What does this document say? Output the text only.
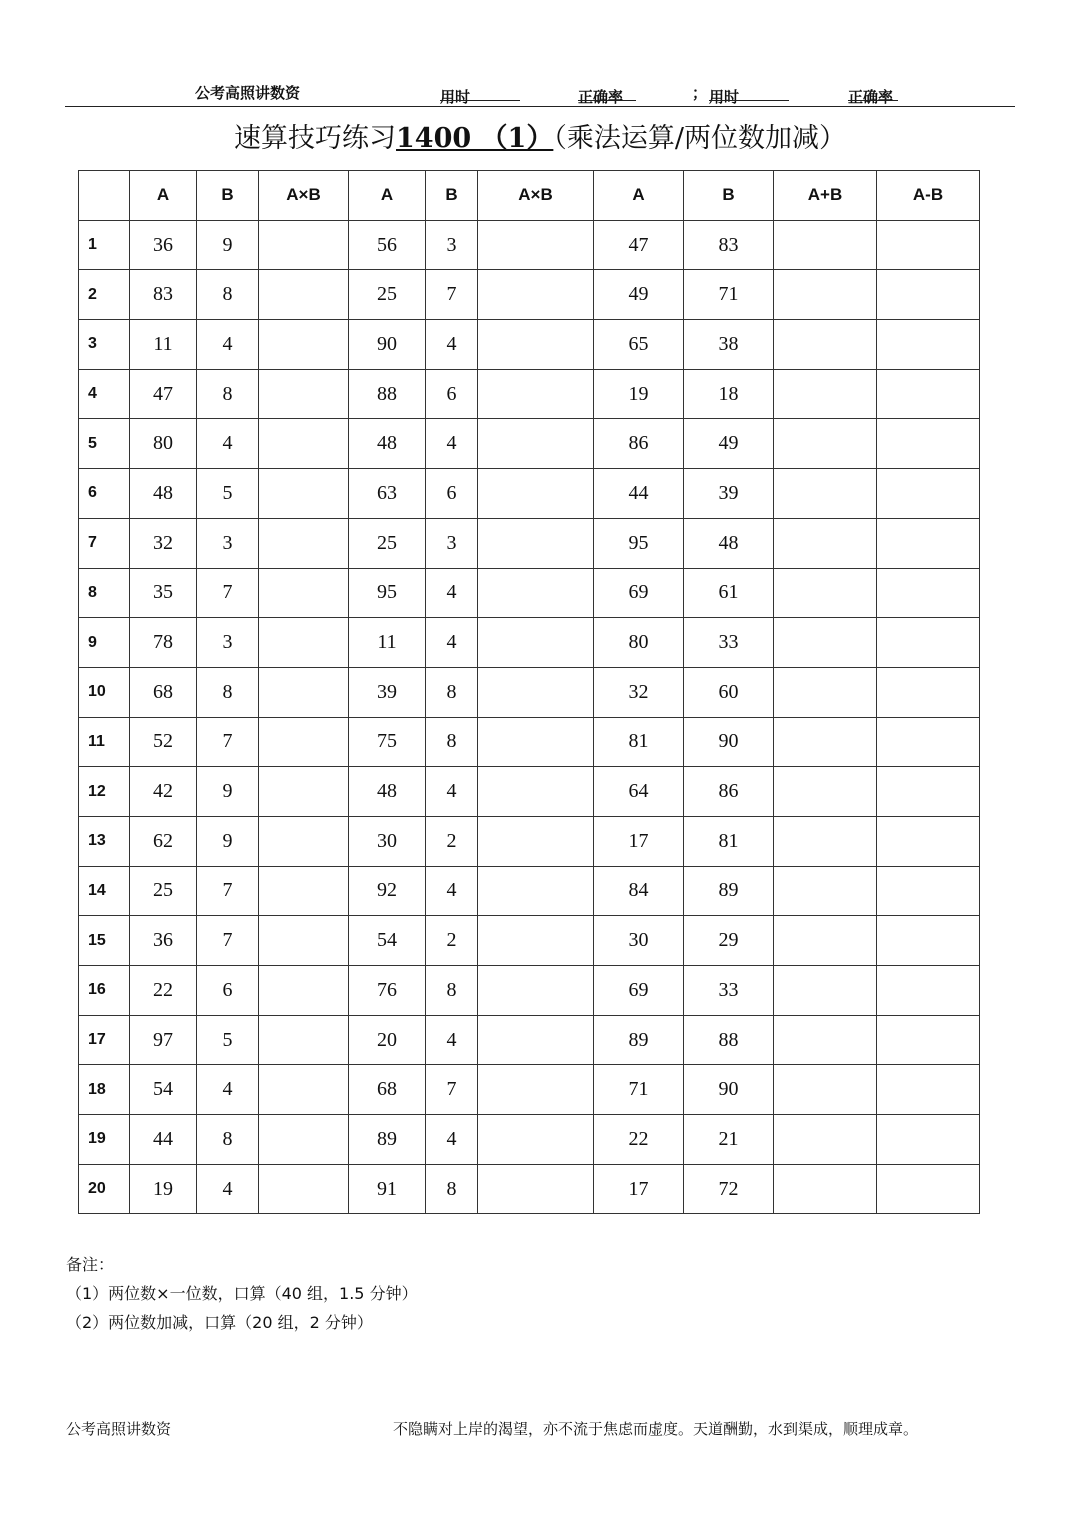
公考高照讲数资	用时	正确率	； 用时	正确率
速算技巧练习1400 （1）（乘法运算/两位数加减）
	A	B	A×B	A	B	A×B	A	B	A+B	A-B
1	36	9		56	3		47	83		
2	83	8		25	7		49	71		
3	11	4		90	4		65	38		
4	47	8		88	6		19	18		
5	80	4		48	4		86	49		
6	48	5		63	6		44	39		
7	32	3		25	3		95	48		
8	35	7		95	4		69	61		
9	78	3		11	4		80	33		
10	68	8		39	8		32	60		
11	52	7		75	8		81	90		
12	42	9		48	4		64	86		
13	62	9		30	2		17	81		
14	25	7		92	4		84	89		
15	36	7		54	2		30	29		
16	22	6		76	8		69	33		
17	97	5		20	4		89	88		
18	54	4		68	7		71	90		
19	44	8		89	4		22	21		
20	19	4		91	8		17	72		
备注：
（1）两位数×一位数，口算（40 组，1.5 分钟）
（2）两位数加减，口算（20 组，2 分钟）
公考高照讲数资	不隐瞒对上岸的渴望，亦不流于焦虑而虚度。天道酬勤，水到渠成，顺理成章。
